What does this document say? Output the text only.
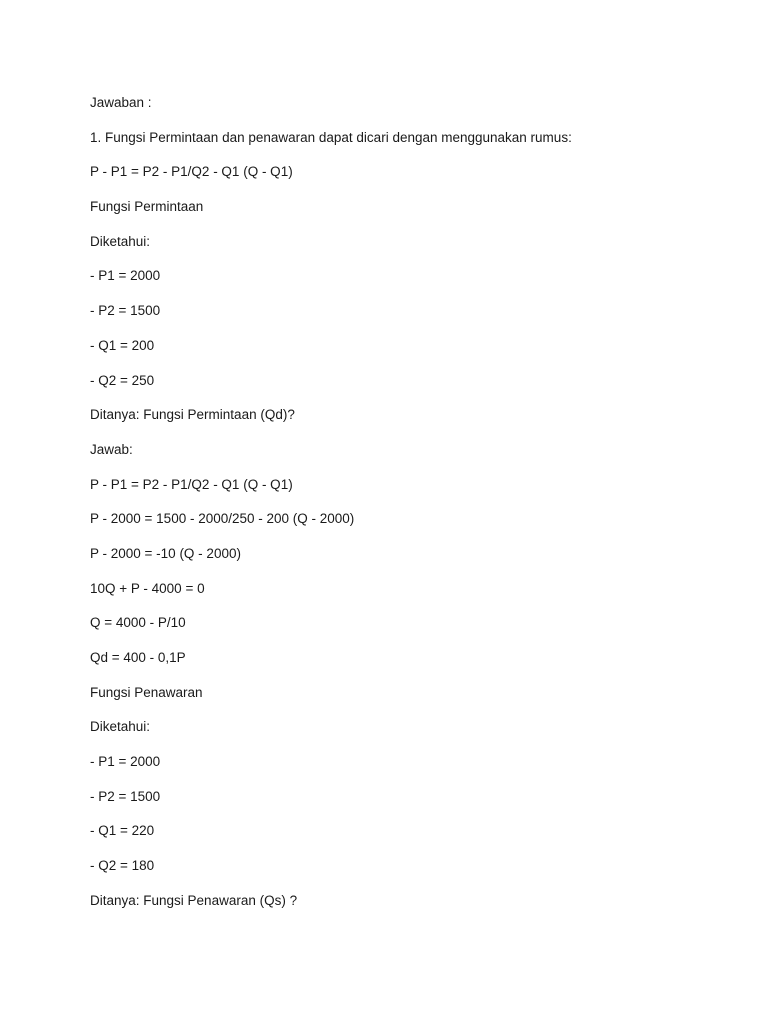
Jawaban :

1. Fungsi Permintaan dan penawaran dapat dicari dengan menggunakan rumus:

P - P1 = P2 - P1/Q2 - Q1 (Q - Q1)

Fungsi Permintaan

Diketahui:

- P1 = 2000

- P2 = 1500

- Q1 = 200

- Q2 = 250

Ditanya: Fungsi Permintaan (Qd)?

Jawab:

P - P1 = P2 - P1/Q2 - Q1 (Q - Q1)

P - 2000 = 1500 - 2000/250 - 200 (Q - 2000)

P - 2000 = -10 (Q - 2000)

10Q + P - 4000 = 0

Q = 4000 - P/10

Qd = 400 - 0,1P

Fungsi Penawaran

Diketahui:

- P1 = 2000

- P2 = 1500

- Q1 = 220

- Q2 = 180

Ditanya: Fungsi Penawaran (Qs) ?
